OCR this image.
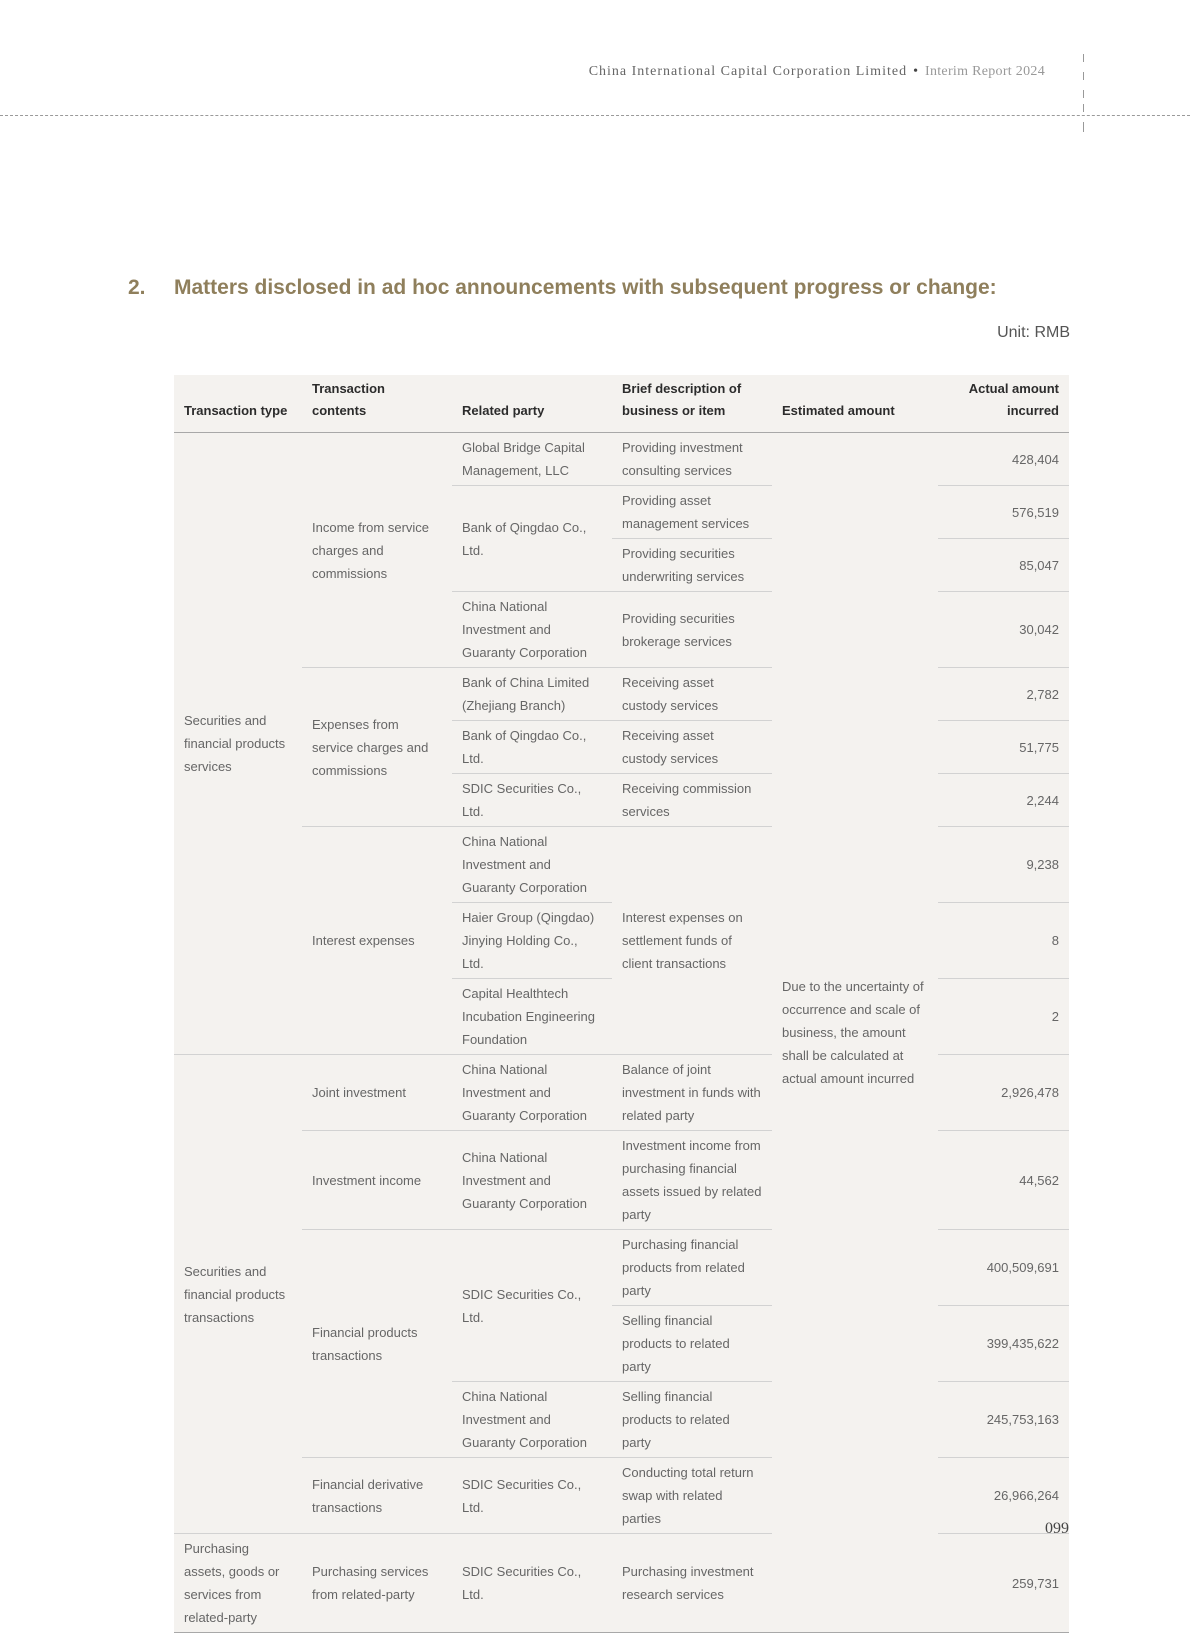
China International Capital Corporation Limited • Interim Report 2024
2. Matters disclosed in ad hoc announcements with subsequent progress or change:
Unit: RMB
Transaction type	Transaction contents	Related party	Brief description of business or item	Estimated amount	Actual amount incurred
Securities and financial products services	Income from service charges and commissions	Global Bridge Capital Management, LLC	Providing investment consulting services	Due to the uncertainty of occurrence and scale of business, the amount shall be calculated at actual amount incurred	428,404
		Bank of Qingdao Co., Ltd.	Providing asset management services		576,519
			Providing securities underwriting services		85,047
		China National Investment and Guaranty Corporation	Providing securities brokerage services		30,042
	Expenses from service charges and commissions	Bank of China Limited (Zhejiang Branch)	Receiving asset custody services		2,782
		Bank of Qingdao Co., Ltd.	Receiving asset custody services		51,775
		SDIC Securities Co., Ltd.	Receiving commission services		2,244
	Interest expenses	China National Investment and Guaranty Corporation	Interest expenses on settlement funds of client transactions		9,238
		Haier Group (Qingdao) Jinying Holding Co., Ltd.			8
		Capital Healthtech Incubation Engineering Foundation			2
Securities and financial products transactions	Joint investment	China National Investment and Guaranty Corporation	Balance of joint investment in funds with related party		2,926,478
	Investment income	China National Investment and Guaranty Corporation	Investment income from purchasing financial assets issued by related party		44,562
	Financial products transactions	SDIC Securities Co., Ltd.	Purchasing financial products from related party		400,509,691
			Selling financial products to related party		399,435,622
		China National Investment and Guaranty Corporation	Selling financial products to related party		245,753,163
	Financial derivative transactions	SDIC Securities Co., Ltd.	Conducting total return swap with related parties		26,966,264
Purchasing assets, goods or services from related-party	Purchasing services from related-party	SDIC Securities Co., Ltd.	Purchasing investment research services		259,731
099
